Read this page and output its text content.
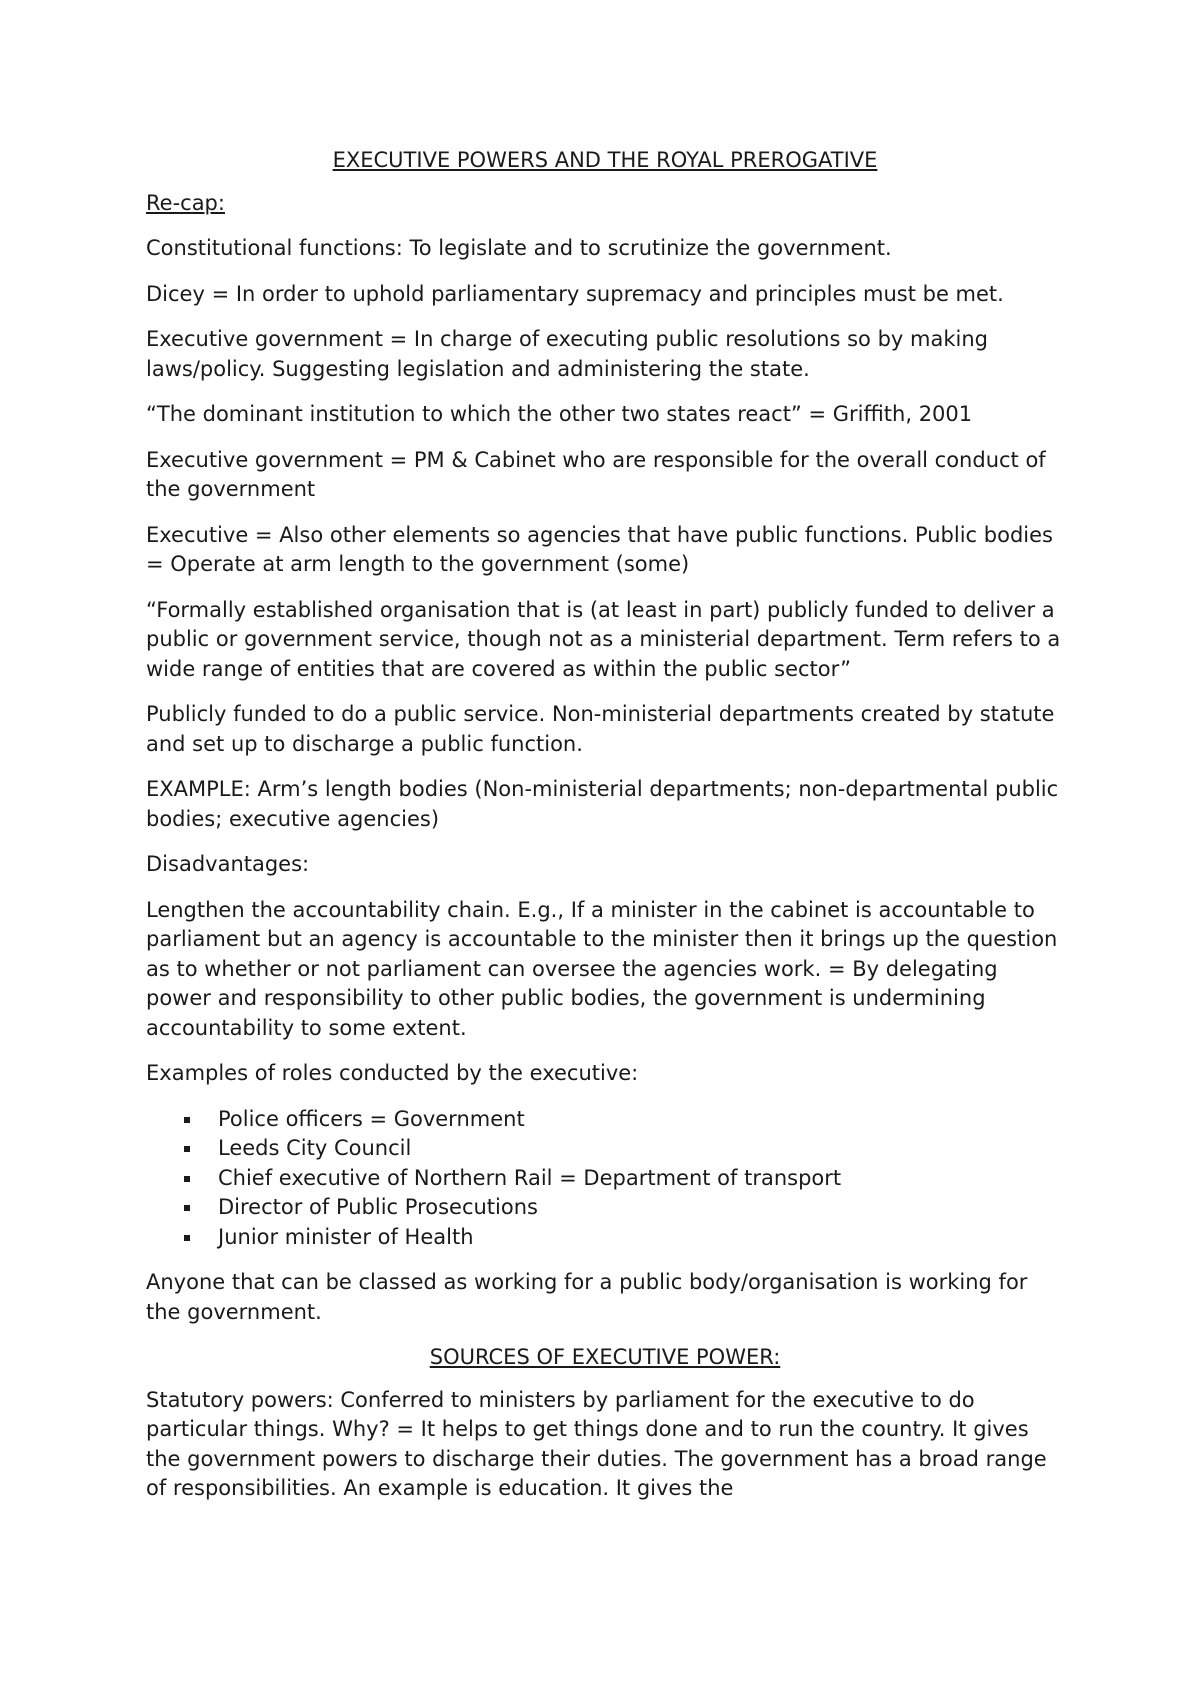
EXECUTIVE POWERS AND THE ROYAL PREROGATIVE
Re-cap:

Constitutional functions: To legislate and to scrutinize the government.

Dicey = In order to uphold parliamentary supremacy and principles must be met.

Executive government = In charge of executing public resolutions so by making laws/policy. Suggesting legislation and administering the state.

“The dominant institution to which the other two states react” = Griffith, 2001

Executive government = PM & Cabinet who are responsible for the overall conduct of the government

Executive = Also other elements so agencies that have public functions. Public bodies = Operate at arm length to the government (some)

“Formally established organisation that is (at least in part) publicly funded to deliver a public or government service, though not as a ministerial department. Term refers to a wide range of entities that are covered as within the public sector”

Publicly funded to do a public service. Non-ministerial departments created by statute and set up to discharge a public function.

EXAMPLE: Arm’s length bodies (Non-ministerial departments; non-departmental public bodies; executive agencies)

Disadvantages:

Lengthen the accountability chain. E.g., If a minister in the cabinet is accountable to parliament but an agency is accountable to the minister then it brings up the question as to whether or not parliament can oversee the agencies work. = By delegating power and responsibility to other public bodies, the government is undermining accountability to some extent.

Examples of roles conducted by the executive:

Police officers = Government
Leeds City Council
Chief executive of Northern Rail = Department of transport
Director of Public Prosecutions
Junior minister of Health

Anyone that can be classed as working for a public body/organisation is working for the government.

SOURCES OF EXECUTIVE POWER:

Statutory powers: Conferred to ministers by parliament for the executive to do particular things. Why? = It helps to get things done and to run the country. It gives the government powers to discharge their duties. The government has a broad range of responsibilities. An example is education. It gives the
